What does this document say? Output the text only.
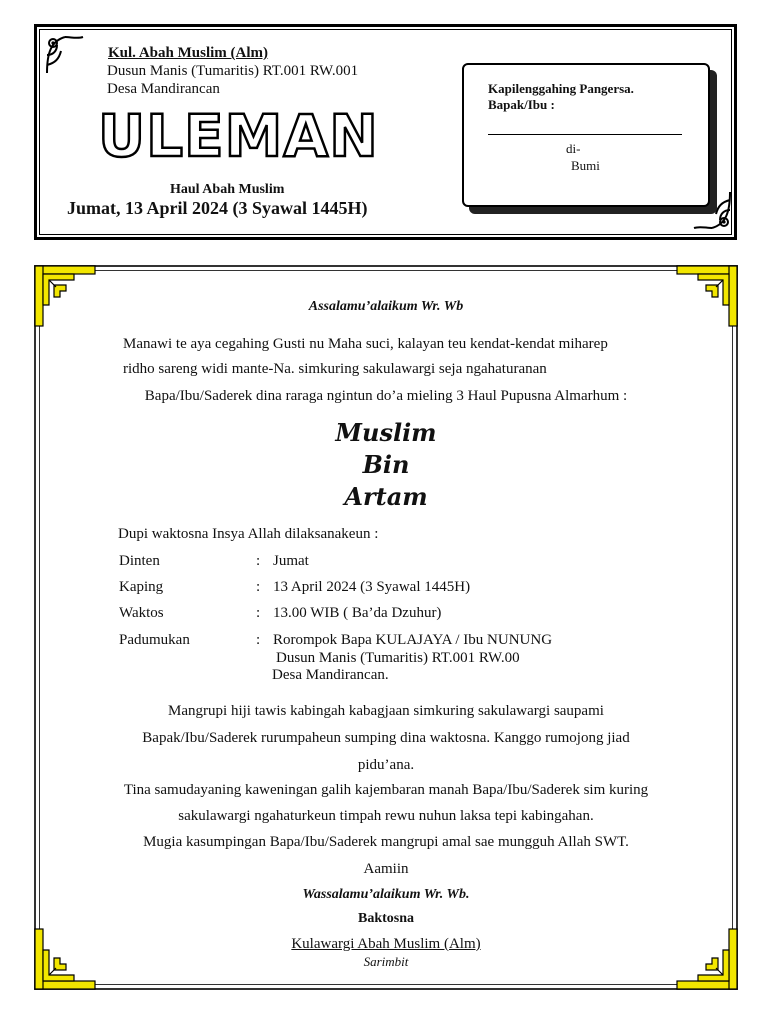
Kul. Abah Muslim (Alm)
Dusun Manis (Tumaritis) RT.001 RW.001
Desa Mandirancan
ULEMAN
Haul Abah Muslim
Jumat, 13 April 2024 (3 Syawal 1445H)
Kapilenggahing Pangersa.
Bapak/Ibu :
di-
Bumi
Assalamu’alaikum Wr. Wb
Manawi te aya cegahing Gusti nu Maha suci, kalayan teu kendat-kendat miharep
ridho sareng widi mante-Na. simkuring sakulawargi seja ngahaturanan
Bapa/Ibu/Saderek dina raraga ngintun do’a mieling 3 Haul Pupusna Almarhum :
Muslim
Bin
Artam
Dupi waktosna Insya Allah dilaksanakeun :
Dinten	: Jumat
Kaping	: 13 April 2024 (3 Syawal 1445H)
Waktos	: 13.00 WIB ( Ba’da Dzuhur)
Padumukan	: Rorompok Bapa KULAJAYA / Ibu NUNUNG
Dusun Manis (Tumaritis) RT.001 RW.00
Desa Mandirancan.
Mangrupi hiji tawis kabingah kabagjaan simkuring sakulawargi saupami
Bapak/Ibu/Saderek rurumpaheun sumping dina waktosna. Kanggo rumojong jiad
pidu’ana.
Tina samudayaning kaweningan galih kajembaran manah Bapa/Ibu/Saderek sim kuring
sakulawargi ngahaturkeun timpah rewu nuhun laksa tepi kabingahan.
Mugia kasumpingan Bapa/Ibu/Saderek mangrupi amal sae mungguh Allah SWT.
Aamiin
Wassalamu’alaikum Wr. Wb.
Baktosna
Kulawargi Abah Muslim (Alm)
Sarimbit
